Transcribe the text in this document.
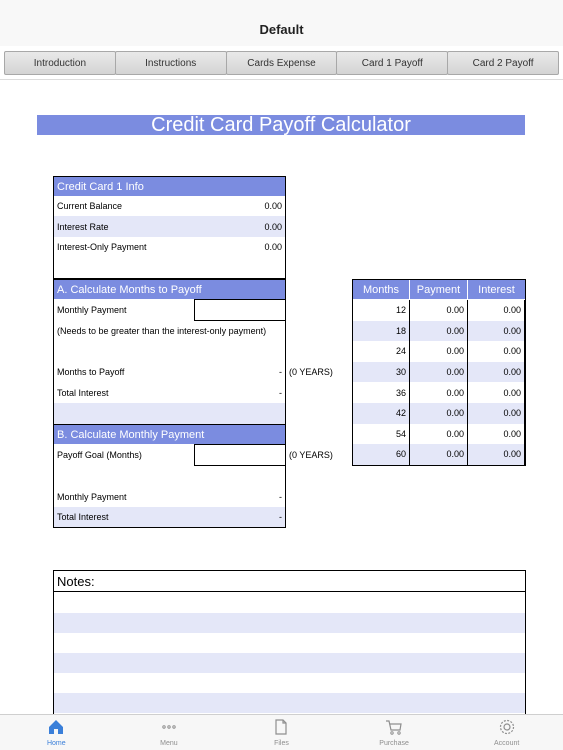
Default
Introduction	Instructions	Cards Expense	Card 1 Payoff	Card 2 Payoff
Credit Card Payoff Calculator
Credit Card 1 Info
Current Balance	0.00
Interest Rate	0.00
Interest-Only Payment	0.00
A. Calculate Months to Payoff
Monthly Payment
(Needs to be greater than the interest-only payment)
Months to Payoff	- (0 YEARS)
Total Interest	-
B. Calculate Monthly Payment
Payoff Goal (Months)	(0 YEARS)
Monthly Payment	-
Total Interest	-
Months	Payment	Interest
12	0.00	0.00
18	0.00	0.00
24	0.00	0.00
30	0.00	0.00
36	0.00	0.00
42	0.00	0.00
54	0.00	0.00
60	0.00	0.00
Notes:
Home	Menu	Files	Purchase	Account
